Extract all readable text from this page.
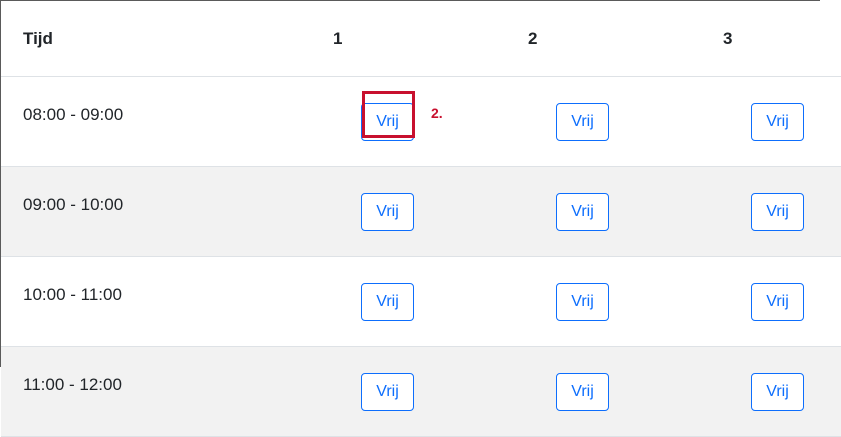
Tijd	1	2	3
08:00 - 09:00	Vrij	Vrij	Vrij
09:00 - 10:00	Vrij	Vrij	Vrij
10:00 - 11:00	Vrij	Vrij	Vrij
11:00 - 12:00	Vrij	Vrij	Vrij
2.
